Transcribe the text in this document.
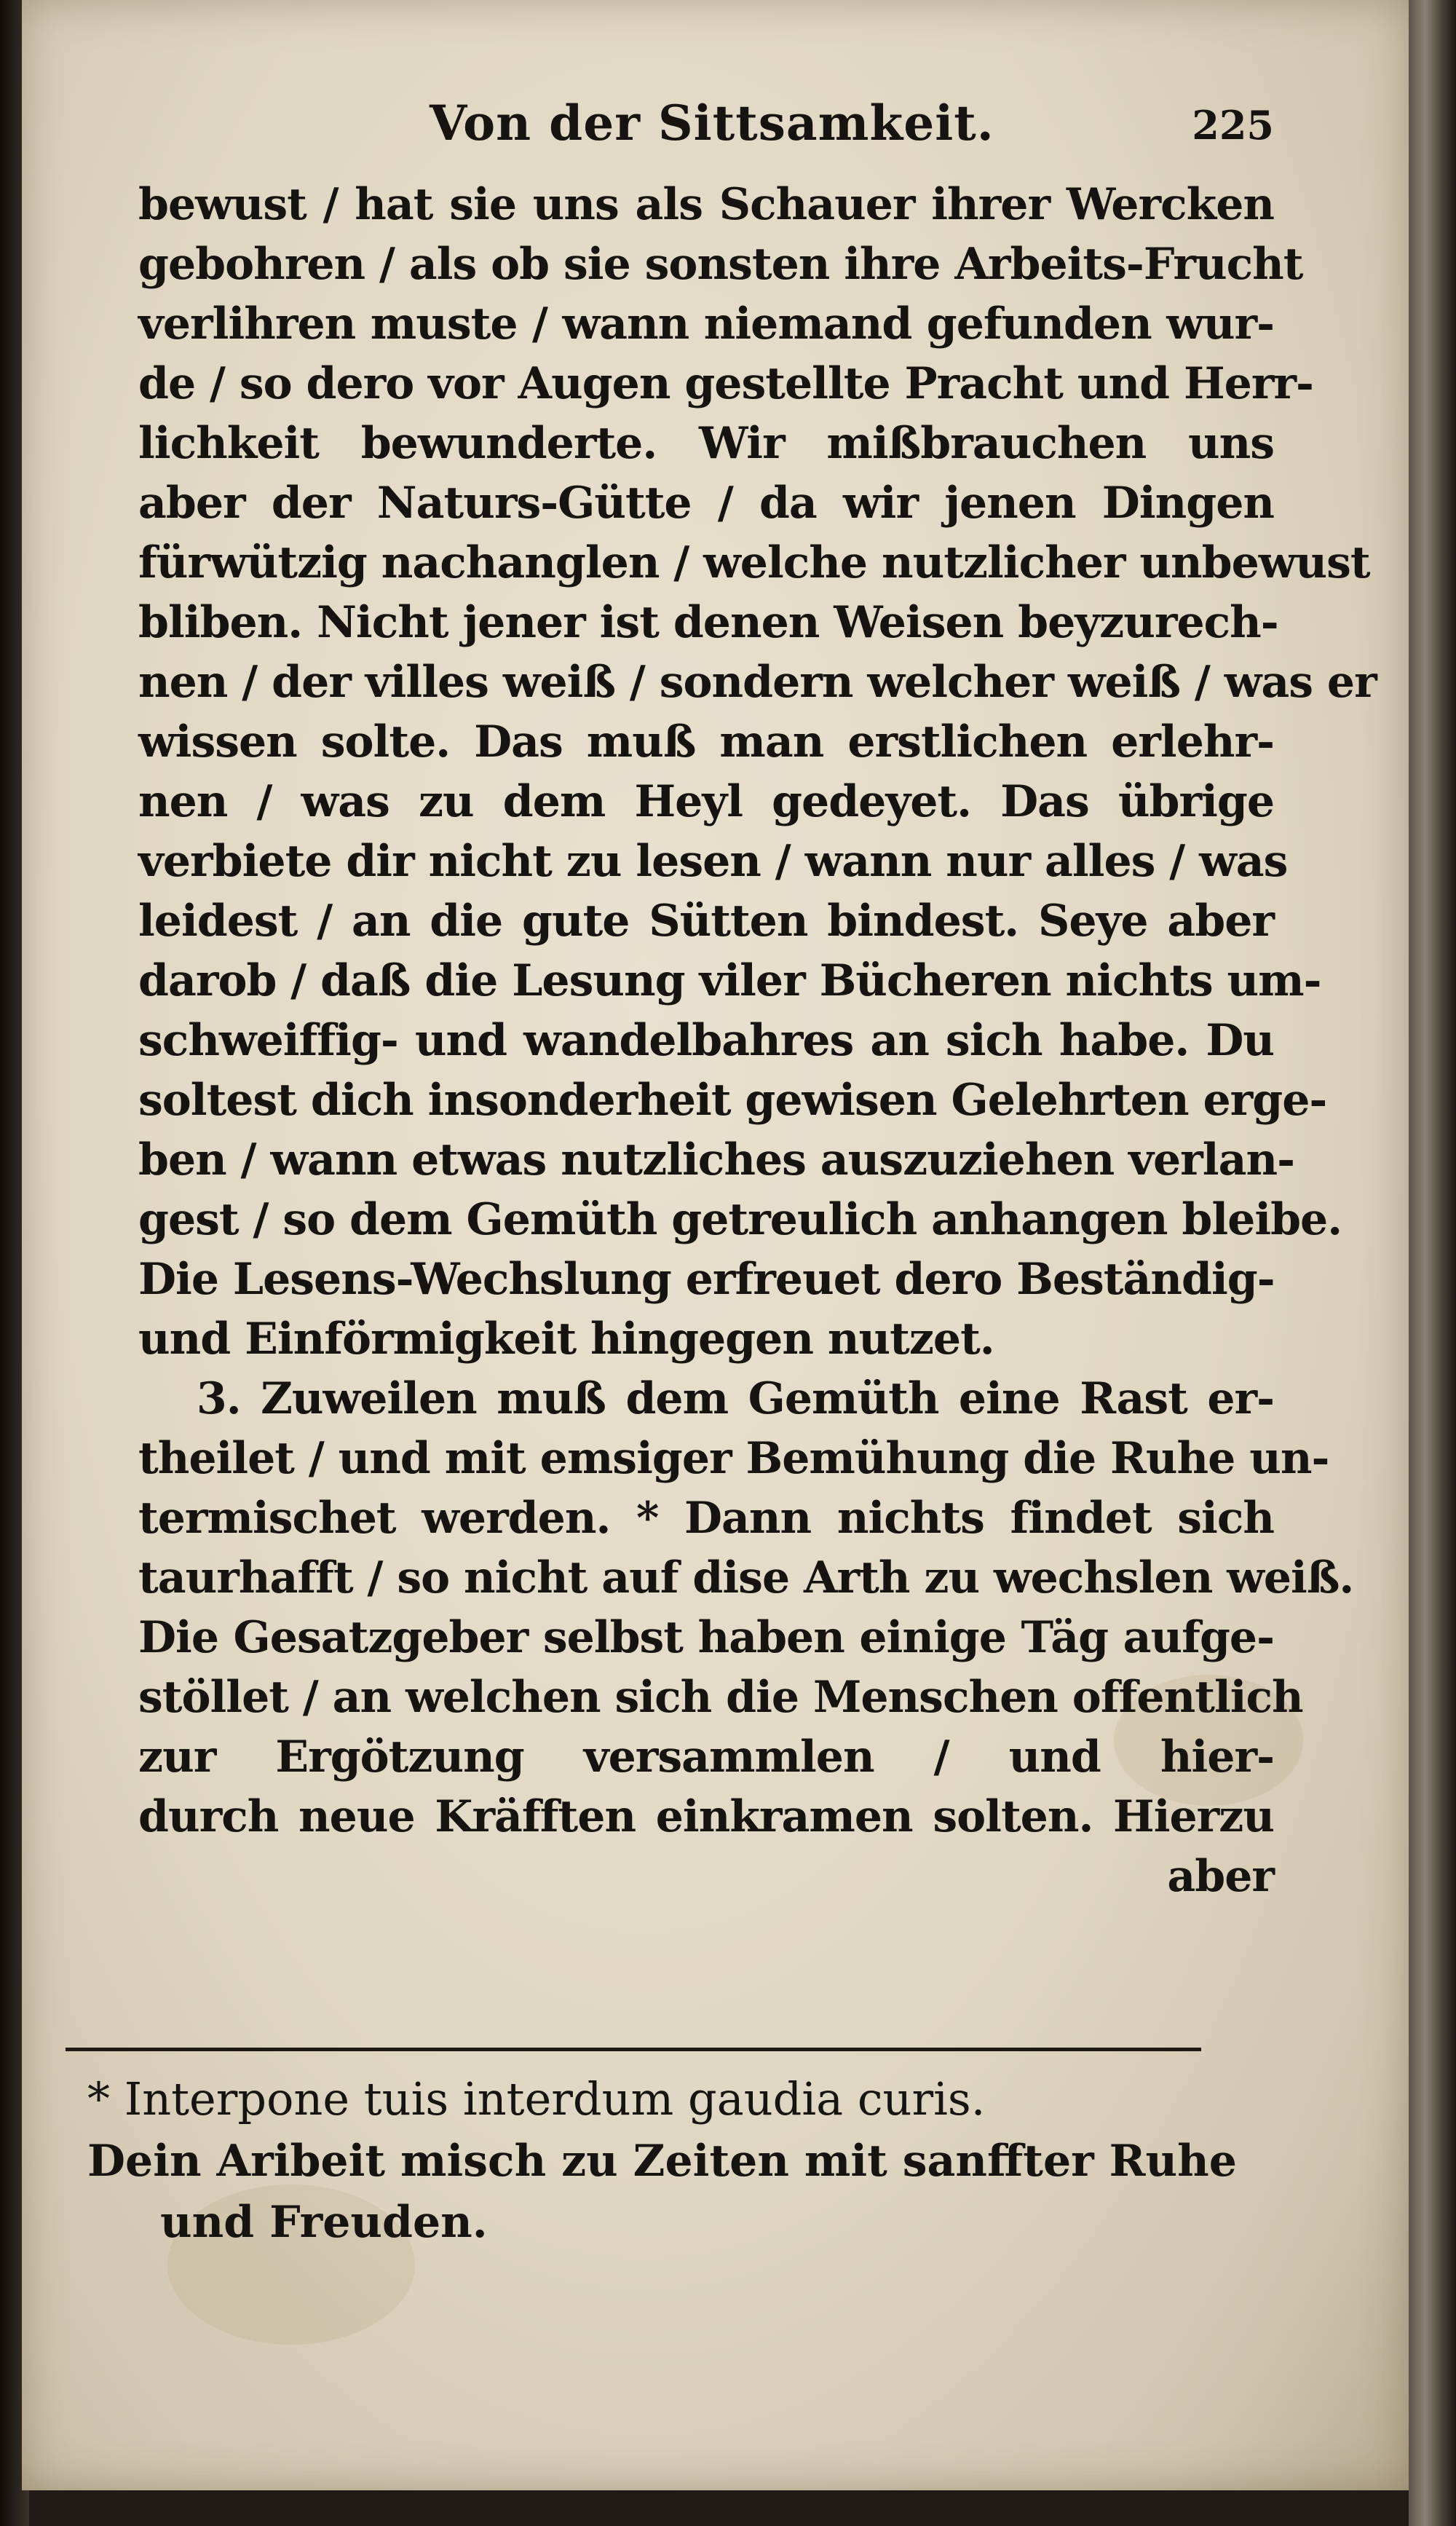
Von der Sittsamkeit.	225
bewust / hat sie uns als Schauer ihrer Wercken
gebohren / als ob sie sonsten ihre Arbeits-Frucht
verlihren muste / wann niemand gefunden wur-
de / so dero vor Augen gestellte Pracht und Herr-
lichkeit bewunderte. Wir mißbrauchen uns
aber der Naturs-Gütte / da wir jenen Dingen
fürwützig nachanglen / welche nutzlicher unbewust
bliben. Nicht jener ist denen Weisen beyzurech-
nen / der villes weiß / sondern welcher weiß / was er
wissen solte. Das muß man erstlichen erlehr-
nen / was zu dem Heyl gedeyet. Das übrige
verbiete dir nicht zu lesen / wann nur alles / was
leidest / an die gute Sütten bindest. Seye aber
darob / daß die Lesung viler Bücheren nichts um-
schweiffig- und wandelbahres an sich habe. Du
soltest dich insonderheit gewisen Gelehrten erge-
ben / wann etwas nutzliches auszuziehen verlan-
gest / so dem Gemüth getreulich anhangen bleibe.
Die Lesens-Wechslung erfreuet dero Beständig-
und Einförmigkeit hingegen nutzet.
3. Zuweilen muß dem Gemüth eine Rast er-
theilet / und mit emsiger Bemühung die Ruhe un-
termischet werden. * Dann nichts findet sich
taurhafft / so nicht auf dise Arth zu wechslen weiß.
Die Gesatzgeber selbst haben einige Täg aufge-
stöllet / an welchen sich die Menschen offentlich
zur Ergötzung versammlen / und hier-
durch neue Kräfften einkramen solten. Hierzu
aber
* Interpone tuis interdum gaudia curis.
Dein Aribeit misch zu Zeiten mit sanffter Ruhe
und Freuden.
